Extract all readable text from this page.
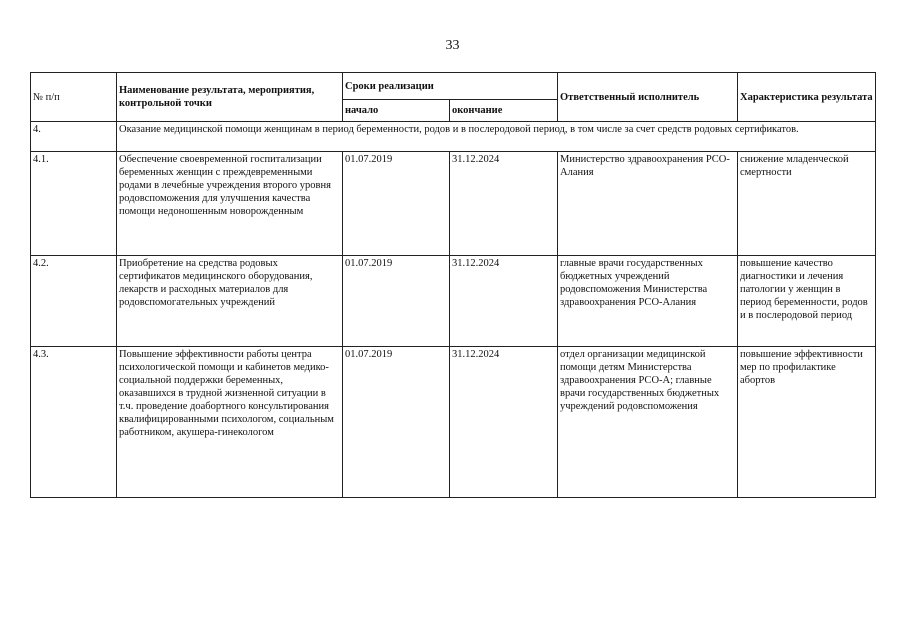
33
№ п/п	Наименование результата, мероприятия, контрольной точки	Сроки реализации		Ответственный исполнитель	Характеристика результата
		начало	окончание		
4.	Оказание медицинской помощи женщинам в период беременности, родов и в послеродовой период, в том числе за счет средств родовых сертификатов.				
4.1.	Обеспечение своевременной госпитализации беременных женщин с преждевременными родами в лечебные учреждения второго уровня родовспоможения для улучшения качества помощи недоношенным новорожденным	01.07.2019	31.12.2024	Министерство здравоохранения РСО-Алания	снижение младенческой смертности
4.2.	Приобретение на средства родовых сертификатов медицинского оборудования, лекарств и расходных материалов для родовспомогательных учреждений	01.07.2019	31.12.2024	главные врачи государственных бюджетных учреждений родовспоможения Министерства здравоохранения РСО-Алания	повышение качество диагностики и лечения патологии у женщин в период беременности, родов и в послеродовой период
4.3.	Повышение эффективности работы центра психологической помощи и кабинетов медико-социальной поддержки беременных, оказавшихся в трудной жизненной ситуации в т.ч. проведение доабортного консультирования квалифицированными психологом, социальным работником, акушера-гинекологом	01.07.2019	31.12.2024	отдел организации медицинской помощи детям Министерства здравоохранения РСО-А; главные врачи государственных бюджетных учреждений родовспоможения	повышение эффективности мер по профилактике абортов
